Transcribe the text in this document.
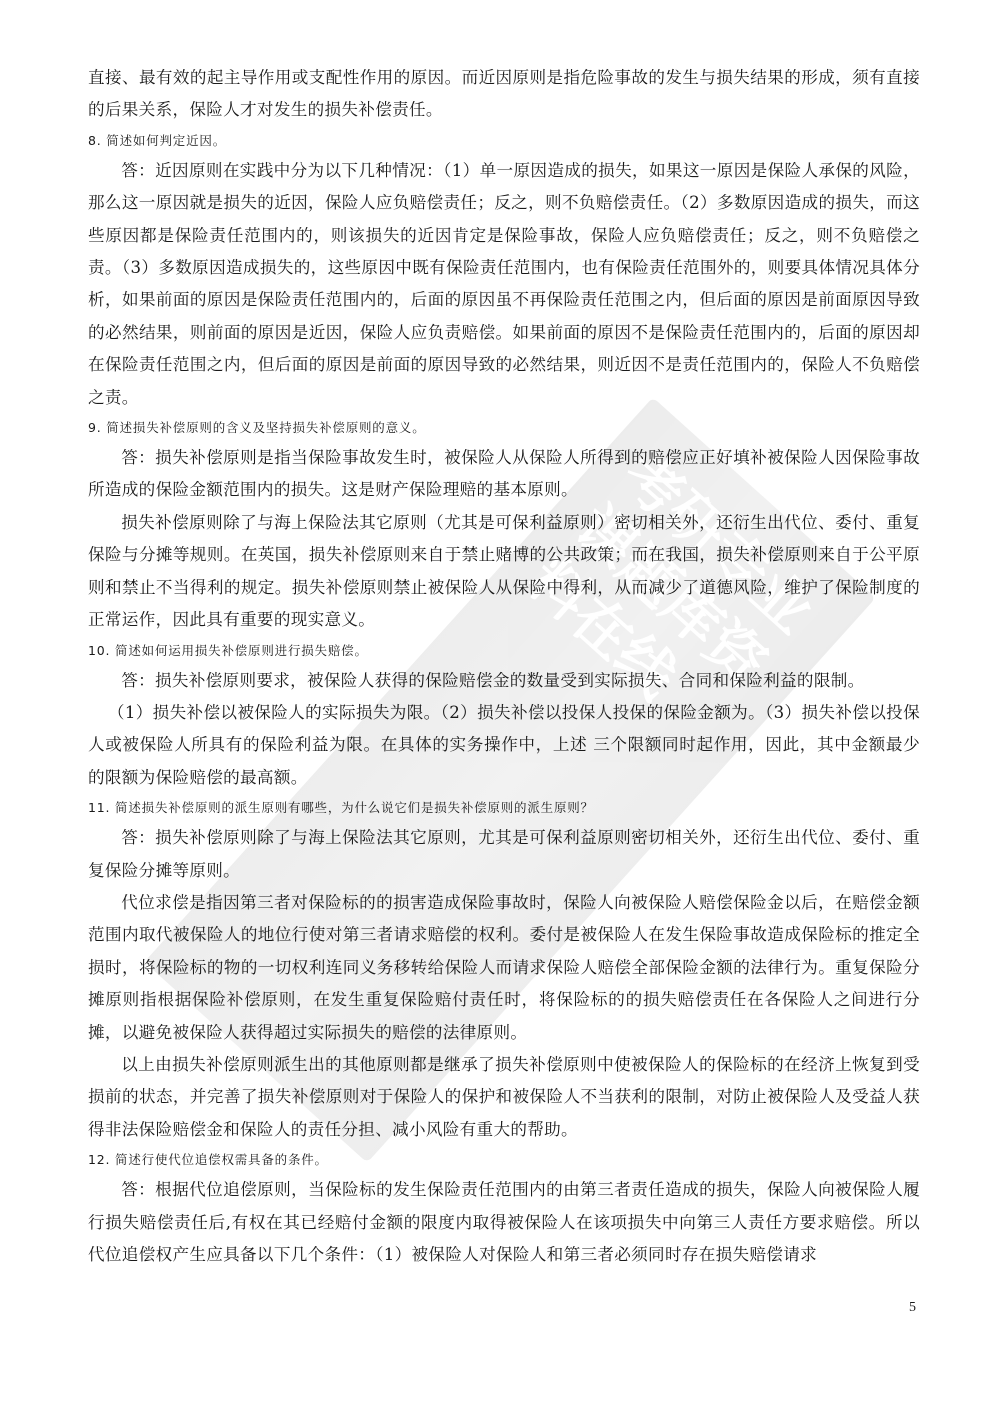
考研专业课题库资料在线

直接、最有效的起主导作用或支配性作用的原因。而近因原则是指危险事故的发生与损失结果的形成，须有直接的后果关系，保险人才对发生的损失补偿责任。

8. 简述如何判定近因。

答：近因原则在实践中分为以下几种情况：（1）单一原因造成的损失，如果这一原因是保险人承保的风险，那么这一原因就是损失的近因，保险人应负赔偿责任；反之，则不负赔偿责任。（2）多数原因造成的损失，而这些原因都是保险责任范围内的，则该损失的近因肯定是保险事故，保险人应负赔偿责任；反之，则不负赔偿之责。（3）多数原因造成损失的，这些原因中既有保险责任范围内，也有保险责任范围外的，则要具体情况具体分析，如果前面的原因是保险责任范围内的，后面的原因虽不再保险责任范围之内，但后面的原因是前面原因导致的必然结果，则前面的原因是近因，保险人应负责赔偿。如果前面的原因不是保险责任范围内的，后面的原因却在保险责任范围之内，但后面的原因是前面的原因导致的必然结果，则近因不是责任范围内的，保险人不负赔偿之责。

9. 简述损失补偿原则的含义及坚持损失补偿原则的意义。

答：损失补偿原则是指当保险事故发生时，被保险人从保险人所得到的赔偿应正好填补被保险人因保险事故所造成的保险金额范围内的损失。这是财产保险理赔的基本原则。

损失补偿原则除了与海上保险法其它原则（尤其是可保利益原则）密切相关外，还衍生出代位、委付、重复保险与分摊等规则。在英国，损失补偿原则来自于禁止赌博的公共政策；而在我国，损失补偿原则来自于公平原则和禁止不当得利的规定。损失补偿原则禁止被保险人从保险中得利，从而减少了道德风险，维护了保险制度的正常运作，因此具有重要的现实意义。

10. 简述如何运用损失补偿原则进行损失赔偿。

答：损失补偿原则要求，被保险人获得的保险赔偿金的数量受到实际损失、合同和保险利益的限制。

（1）损失补偿以被保险人的实际损失为限。（2）损失补偿以投保人投保的保险金额为。（3）损失补偿以投保人或被保险人所具有的保险利益为限。在具体的实务操作中，上述 三个限额同时起作用，因此，其中金额最少的限额为保险赔偿的最高额。

11. 简述损失补偿原则的派生原则有哪些，为什么说它们是损失补偿原则的派生原则？

答：损失补偿原则除了与海上保险法其它原则，尤其是可保利益原则密切相关外，还衍生出代位、委付、重复保险分摊等原则。

代位求偿是指因第三者对保险标的的损害造成保险事故时，保险人向被保险人赔偿保险金以后，在赔偿金额范围内取代被保险人的地位行使对第三者请求赔偿的权利。委付是被保险人在发生保险事故造成保险标的推定全损时，将保险标的物的一切权利连同义务移转给保险人而请求保险人赔偿全部保险金额的法律行为。重复保险分摊原则指根据保险补偿原则，在发生重复保险赔付责任时，将保险标的的损失赔偿责任在各保险人之间进行分摊，以避免被保险人获得超过实际损失的赔偿的法律原则。

以上由损失补偿原则派生出的其他原则都是继承了损失补偿原则中使被保险人的保险标的在经济上恢复到受损前的状态，并完善了损失补偿原则对于保险人的保护和被保险人不当获利的限制，对防止被保险人及受益人获得非法保险赔偿金和保险人的责任分担、减小风险有重大的帮助。

12. 简述行使代位追偿权需具备的条件。

答：根据代位追偿原则，当保险标的发生保险责任范围内的由第三者责任造成的损失，保险人向被保险人履行损失赔偿责任后,有权在其已经赔付金额的限度内取得被保险人在该项损失中向第三人责任方要求赔偿。所以代位追偿权产生应具备以下几个条件：（1）被保险人对保险人和第三者必须同时存在损失赔偿请求

5
